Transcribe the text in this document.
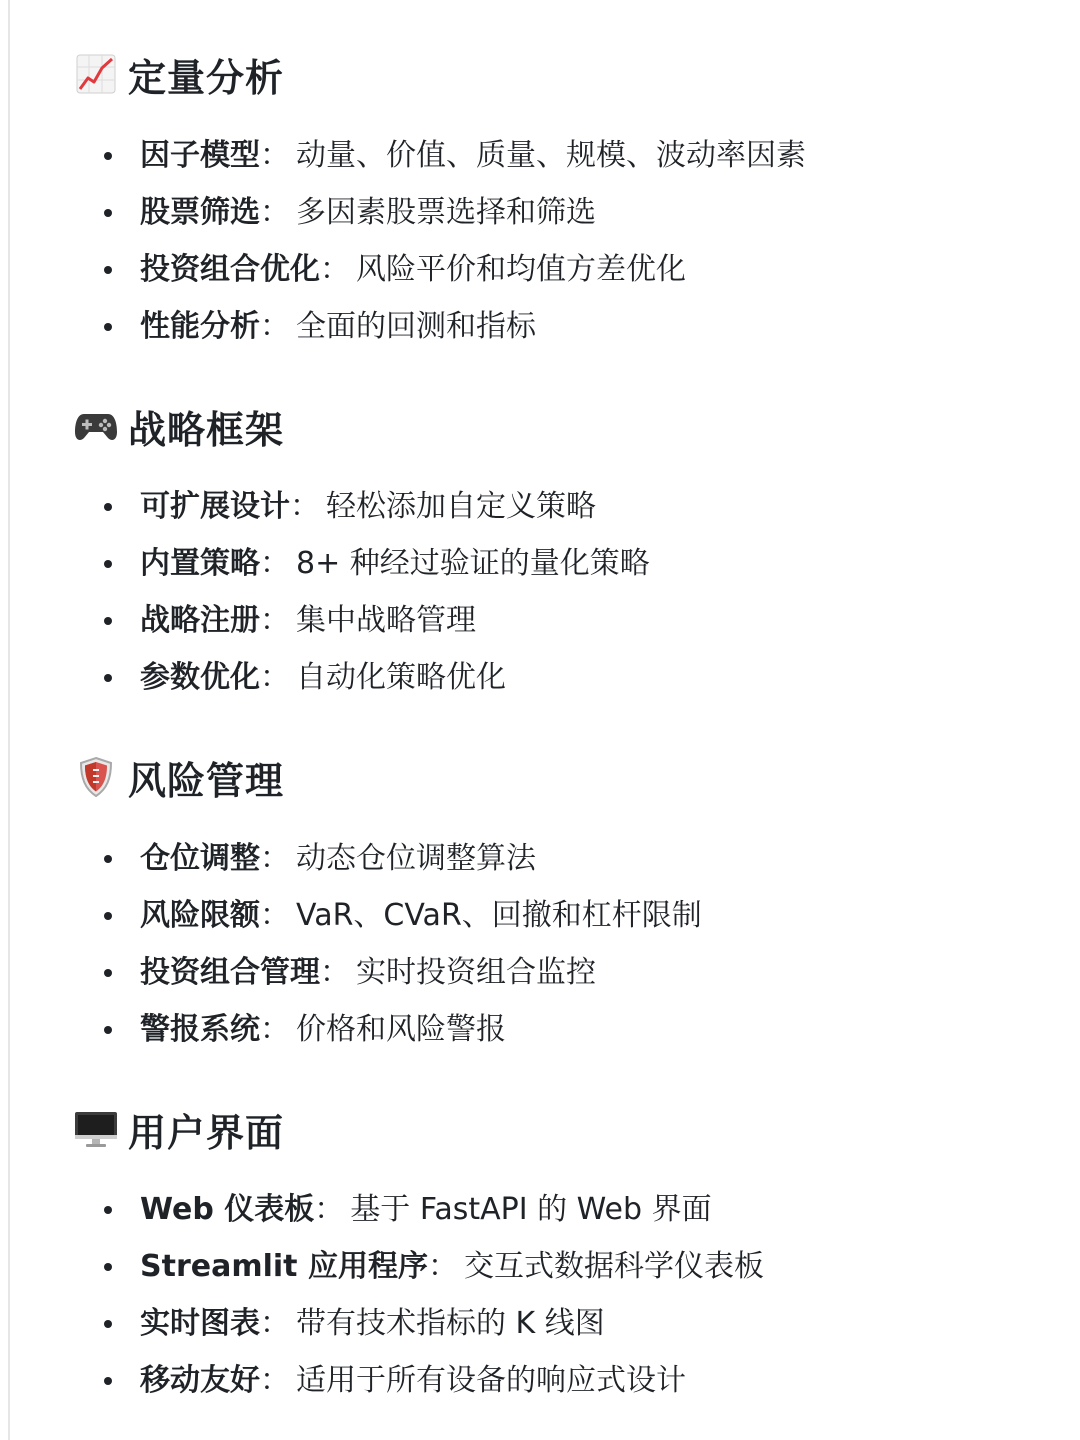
定量分析
因子模型 ： 动量、价值、质量、规模、波动率因素
股票筛选 ： 多因素股票选择和筛选
投资组合优化 ： 风险平价和均值方差优化
性能分析 ： 全面的回测和指标
战略框架
可扩展设计 ： 轻松添加自定义策略
内置策略 ： 8+ 种经过验证的量化策略
战略注册 ： 集中战略管理
参数优化 ： 自动化策略优化
风险管理
仓位调整 ： 动态仓位调整算法
风险限额 ： VaR、CVaR、回撤和杠杆限制
投资组合管理 ： 实时投资组合监控
警报系统 ： 价格和风险警报
用户界面
Web 仪表板 ： 基于 FastAPI 的 Web 界面
Streamlit 应用程序 ： 交互式数据科学仪表板
实时图表 ： 带有技术指标的 K 线图
移动友好 ： 适用于所有设备的响应式设计
